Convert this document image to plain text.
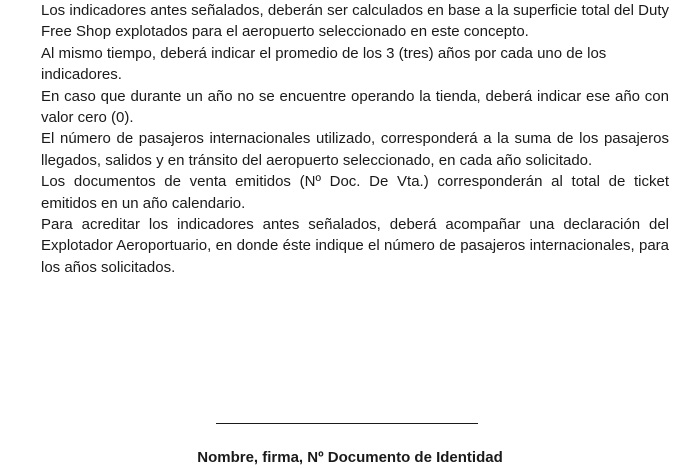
Los indicadores antes señalados, deberán ser calculados en base a la superficie total del Duty Free Shop explotados para el aeropuerto seleccionado en este concepto.

Al mismo tiempo, deberá indicar el promedio de los 3 (tres) años por cada uno de los indicadores.

En caso que durante un año no se encuentre operando la tienda, deberá indicar ese año con valor cero (0).

El número de pasajeros internacionales utilizado, corresponderá a la suma de los pasajeros llegados, salidos y en tránsito del aeropuerto seleccionado, en cada año solicitado.

Los documentos de venta emitidos (Nº Doc. De Vta.) corresponderán al total de ticket emitidos en un año calendario.

Para acreditar los indicadores antes señalados, deberá acompañar una declaración del Explotador Aeroportuario, en donde éste indique el número de pasajeros internacionales, para los años solicitados.

Nombre, firma, Nº Documento de Identidad
